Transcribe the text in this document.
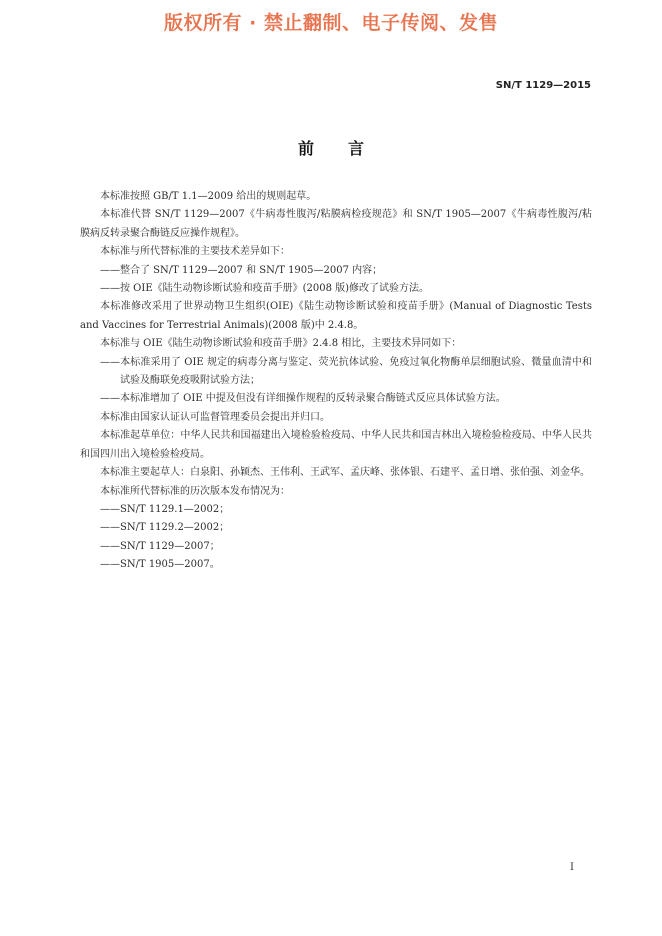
版权所有 · 禁止翻制、电子传阅、发售
SN/T 1129—2015
前言

本标准按照 GB/T 1.1—2009 给出的规则起草。

本标准代替 SN/T 1129—2007《牛病毒性腹泻/粘膜病检疫规范》和 SN/T 1905—2007《牛病毒性腹泻/粘膜病反转录聚合酶链反应操作规程》。

本标准与所代替标准的主要技术差异如下：

——整合了 SN/T 1129—2007 和 SN/T 1905—2007 内容；

——按 OIE《陆生动物诊断试验和疫苗手册》(2008 版)修改了试验方法。

本标准修改采用了世界动物卫生组织(OIE)《陆生动物诊断试验和疫苗手册》(Manual of Diagnostic Tests and Vaccines for Terrestrial Animals)(2008 版)中 2.4.8。

本标准与 OIE《陆生动物诊断试验和疫苗手册》2.4.8 相比，主要技术异同如下：

——本标准采用了 OIE 规定的病毒分离与鉴定、荧光抗体试验、免疫过氧化物酶单层细胞试验、微量血清中和试验及酶联免疫吸附试验方法；

——本标准增加了 OIE 中提及但没有详细操作规程的反转录聚合酶链式反应具体试验方法。

本标准由国家认证认可监督管理委员会提出并归口。

本标准起草单位：中华人民共和国福建出入境检验检疫局、中华人民共和国吉林出入境检验检疫局、中华人民共和国四川出入境检验检疫局。

本标准主要起草人：白泉阳、孙颖杰、王伟利、王武军、孟庆峰、张体银、石建平、孟日增、张伯强、刘金华。

本标准所代替标准的历次版本发布情况为：

——SN/T 1129.1—2002；

——SN/T 1129.2—2002；

——SN/T 1129—2007；

——SN/T 1905—2007。

I
